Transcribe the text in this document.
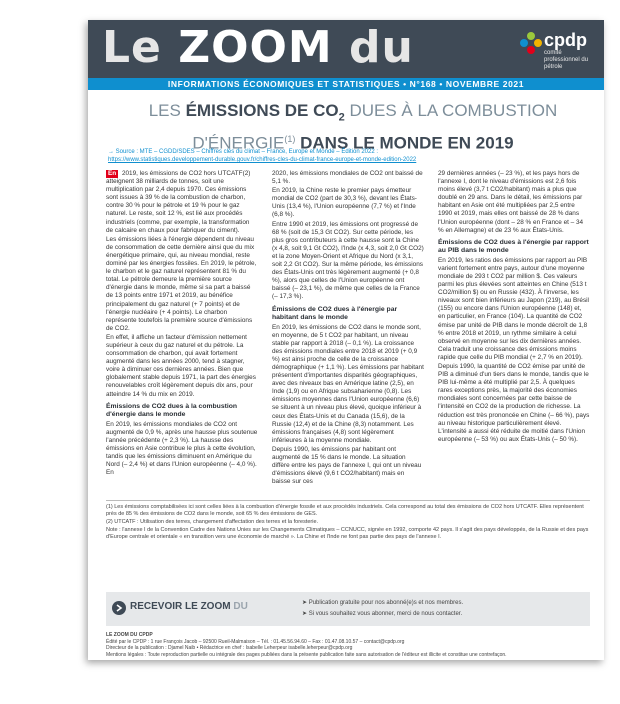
Le ZOOM du	cpdp
comité professionnel du pétrole
INFORMATIONS ÉCONOMIQUES ET STATISTIQUES • N°168 • NOVEMBRE 2021
LES ÉMISSIONS DE $CO_2$ DUES À LA COMBUSTION
D'ÉNERGIE$^{(1)}$ DANS LE MONDE EN 2019
→ Source : MTE – CGDD/SDES – Chiffres clés du climat – France, Europe et Monde – Édition 2022 :
https://www.statistiques.developpement-durable.gouv.fr/chiffres-cles-du-climat-france-europe-et-monde-edition-2022

En 2019, les émissions de CO2 hors UTCATF(2) atteignent 38 milliards de tonnes, soit une multiplication par 2,4 depuis 1970. Ces émissions sont issues à 39 % de la combustion de charbon, contre 30 % pour le pétrole et 19 % pour le gaz naturel. Le reste, soit 12 %, est lié aux procédés industriels (comme, par exemple, la transformation de calcaire en chaux pour fabriquer du ciment).

Les émissions liées à l'énergie dépendent du niveau de consommation de cette dernière ainsi que du mix énergétique primaire, qui, au niveau mondial, reste dominé par les énergies fossiles. En 2019, le pétrole, le charbon et le gaz naturel représentent 81 % du total. Le pétrole demeure la première source d'énergie dans le monde, même si sa part a baissé de 13 points entre 1971 et 2019, au bénéfice principalement du gaz naturel (+ 7 points) et de l'énergie nucléaire (+ 4 points). Le charbon représente toutefois la première source d'émissions de CO2.

En effet, il affiche un facteur d'émission nettement supérieur à ceux du gaz naturel et du pétrole. La consommation de charbon, qui avait fortement augmenté dans les années 2000, tend à stagner, voire à diminuer ces dernières années. Bien que globalement stable depuis 1971, la part des énergies renouvelables croît légèrement depuis dix ans, pour atteindre 14 % du mix en 2019.

Émissions de CO2 dues à la combustion d'énergie dans le monde

En 2019, les émissions mondiales de CO2 ont augmenté de 0,9 %, après une hausse plus soutenue l'année précédente (+ 2,3 %). La hausse des émissions en Asie contribue le plus à cette évolution, tandis que les émissions diminuent en Amérique du Nord (– 2,4 %) et dans l'Union européenne (– 4,0 %). En

2020, les émissions mondiales de CO2 ont baissé de 5,1 %.

En 2019, la Chine reste le premier pays émetteur mondial de CO2 (part de 30,3 %), devant les États-Unis (13,4 %), l'Union européenne (7,7 %) et l'Inde (6,8 %).

Entre 1990 et 2019, les émissions ont progressé de 68 % (soit de 15,3 Gt CO2). Sur cette période, les plus gros contributeurs à cette hausse sont la Chine (x 4,8, soit 9,1 Gt CO2), l'Inde (x 4,3, soit 2,0 Gt CO2) et la zone Moyen-Orient et Afrique du Nord (x 3,1, soit 2,2 Gt CO2). Sur la même période, les émissions des États-Unis ont très légèrement augmenté (+ 0,8 %), alors que celles de l'Union européenne ont baissé (– 23,1 %), de même que celles de la France (– 17,3 %).

Émissions de CO2 dues à l'énergie par habitant dans le monde

En 2019, les émissions de CO2 dans le monde sont, en moyenne, de 5 t CO2 par habitant, un niveau stable par rapport à 2018 (– 0,1 %). La croissance des émissions mondiales entre 2018 et 2019 (+ 0,9 %) est ainsi proche de celle de la croissance démographique (+ 1,1 %). Les émissions par habitant présentent d'importantes disparités géographiques, avec des niveaux bas en Amérique latine (2,5), en Inde (1,9) ou en Afrique subsaharienne (0,8). Les émissions moyennes dans l'Union européenne (6,6) se situent à un niveau plus élevé, quoique inférieur à ceux des États-Unis et du Canada (15,6), de la Russie (12,4) et de la Chine (8,3) notamment. Les émissions françaises (4,8) sont légèrement inférieures à la moyenne mondiale.

Depuis 1990, les émissions par habitant ont augmenté de 15 % dans le monde. La situation diffère entre les pays de l'annexe I, qui ont un niveau d'émissions élevé (9,6 t CO2/habitant) mais en baisse sur ces

29 dernières années (– 23 %), et les pays hors de l'annexe I, dont le niveau d'émissions est 2,6 fois moins élevé (3,7 t CO2/habitant) mais a plus que doublé en 29 ans. Dans le détail, les émissions par habitant en Asie ont été multipliées par 2,5 entre 1990 et 2019, mais elles ont baissé de 28 % dans l'Union européenne (dont – 28 % en France et – 34 % en Allemagne) et de 23 % aux États-Unis.

Émissions de CO2 dues à l'énergie par rapport au PIB dans le monde

En 2019, les ratios des émissions par rapport au PIB varient fortement entre pays, autour d'une moyenne mondiale de 293 t CO2 par million $. Ces valeurs parmi les plus élevées sont atteintes en Chine (513 t CO2/million $) ou en Russie (432). À l'inverse, les niveaux sont bien inférieurs au Japon (219), au Brésil (155) ou encore dans l'Union européenne (148) et, en particulier, en France (104). La quantité de CO2 émise par unité de PIB dans le monde décroît de 1,8 % entre 2018 et 2019, un rythme similaire à celui observé en moyenne sur les dix dernières années. Cela traduit une croissance des émissions moins rapide que celle du PIB mondial (+ 2,7 % en 2019).

Depuis 1990, la quantité de CO2 émise par unité de PIB a diminué d'un tiers dans le monde, tandis que le PIB lui-même a été multiplié par 2,5. À quelques rares exceptions près, la majorité des économies mondiales sont concernées par cette baisse de l'intensité en CO2 de la production de richesse. La réduction est très prononcée en Chine (– 66 %), pays au niveau historique particulièrement élevé. L'intensité a aussi été réduite de moitié dans l'Union européenne (– 53 %) ou aux États-Unis (– 50 %).

(1) Les émissions comptabilisées ici sont celles liées à la combustion d'énergie fossile et aux procédés industriels. Cela correspond au total des émissions de CO2 hors UTCATF. Elles représentent près de 85 % des émissions de CO2 dans le monde, soit 65 % des émissions de GES.

(2) UTCATF : Utilisation des terres, changement d'affectation des terres et la foresterie.

Note : l'annexe I de la Convention Cadre des Nations Unies sur les Changements Climatiques – CCNUCC, signée en 1992, comporte 42 pays. Il s'agit des pays développés, de la Russie et des pays d'Europe centrale et orientale « en transition vers une économie de marché ». La Chine et l'Inde ne font pas partie des pays de l'annexe I.

RECEVOIR LE ZOOM DU	➤ Publication gratuite pour nos abonné(e)s et nos membres.
➤ Si vous souhaitez vous abonner, merci de nous contacter.

LE ZOOM DU CPDP

Édité par le CPDP : 1 rue François Jacob – 92500 Rueil-Malmaison – Tél. : 01.45.56.94.60 – Fax : 01.47.08.10.57 – contact@cpdp.org

Directeur de la publication : Djamel Naib • Rédactrice en chef : Isabelle Leherpeur isabelle.leherpeur@cpdp.org

Mentions légales : Toute reproduction partielle ou intégrale des pages publiées dans la présente publication faite sans autorisation de l'éditeur est illicite et constitue une contrefaçon.
